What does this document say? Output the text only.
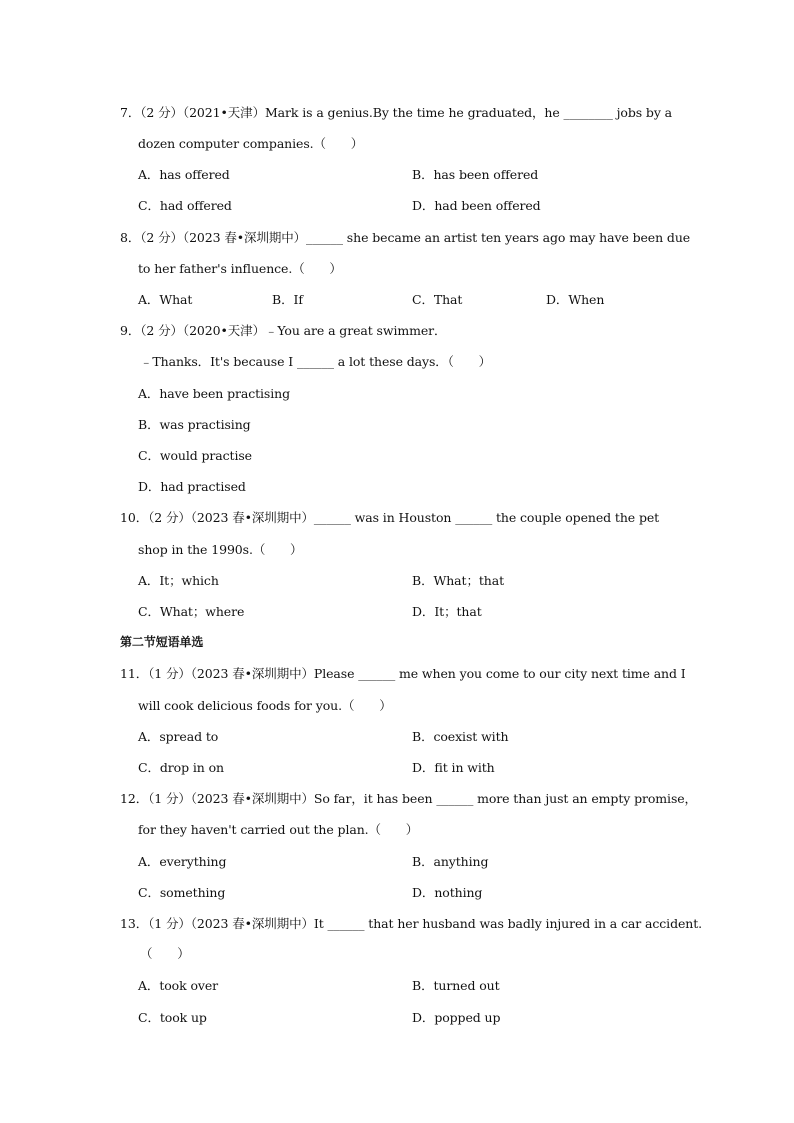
7．（2 分）（2021•天津）Mark is a genius.By the time he graduated，he ________ jobs by a
dozen computer companies.（　　）
A．has offered	B．has been offered
C．had offered	D．had been offered
8．（2 分）（2023 春•深圳期中）______ she became an artist ten years ago may have been due
to her father's influence.（　　）
A．What	B．If	C．That	D．When
9．（2 分）（2020•天津）﹣You are a great swimmer．
﹣Thanks．It's because I ______ a lot these days．（　　）
A．have been practising
B．was practising
C．would practise
D．had practised
10．（2 分）（2023 春•深圳期中）______ was in Houston ______ the couple opened the pet
shop in the 1990s.（　　）
A．It；which	B．What；that
C．What；where	D．It；that
第二节短语单选
11．（1 分）（2023 春•深圳期中）Please ______ me when you come to our city next time and I
will cook delicious foods for you.（　　）
A．spread to	B．coexist with
C．drop in on	D．fit in with
12．（1 分）（2023 春•深圳期中）So far，it has been ______ more than just an empty promise，
for they haven't carried out the plan.（　　）
A．everything	B．anything
C．something	D．nothing
13．（1 分）（2023 春•深圳期中）It ______ that her husband was badly injured in a car accident.
（　　）
A．took over	B．turned out
C．took up	D．popped up
